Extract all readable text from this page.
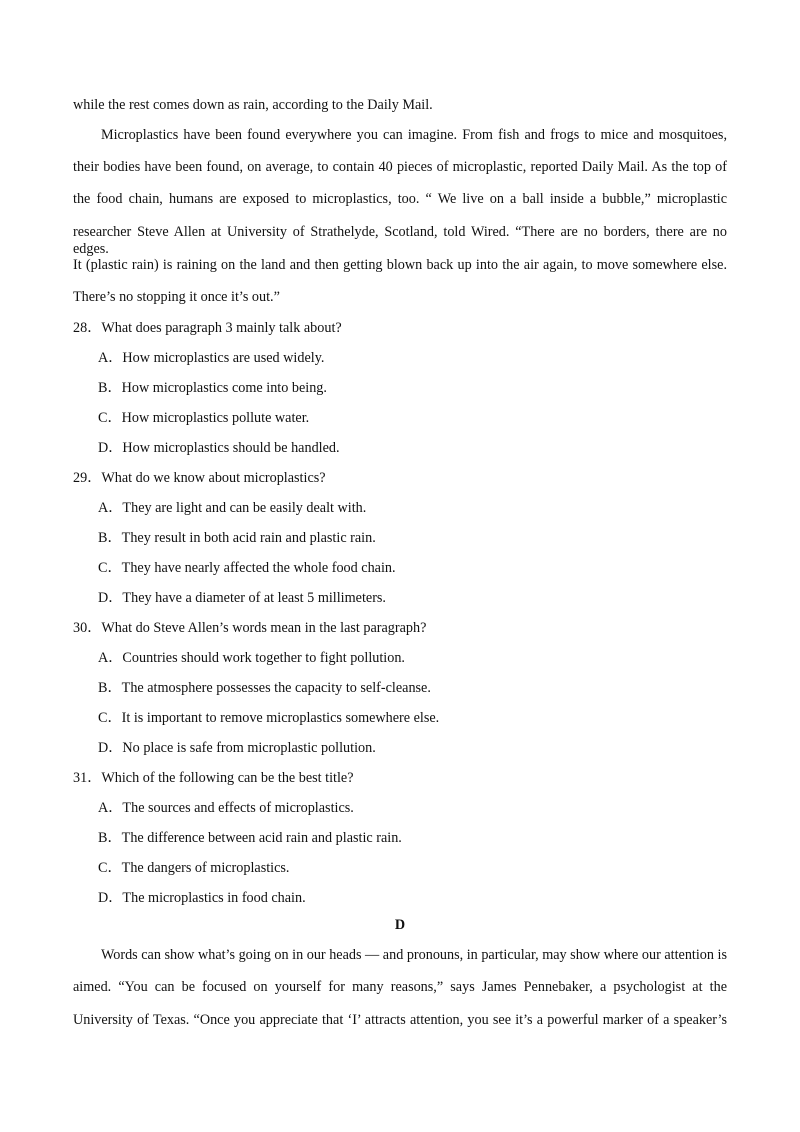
while the rest comes down as rain, according to the Daily Mail.
Microplastics have been found everywhere you can imagine. From fish and frogs to mice and mosquitoes,
their bodies have been found, on average, to contain 40 pieces of microplastic, reported Daily Mail. As the top of
the food chain, humans are exposed to microplastics, too. “ We live on a ball inside a bubble,” microplastic
researcher Steve Allen at University of Strathelyde, Scotland, told Wired. “There are no borders, there are no edges.
It (plastic rain) is raining on the land and then getting blown back up into the air again, to move somewhere else.
There’s no stopping it once it’s out.”
28．What does paragraph 3 mainly talk about?
A．How microplastics are used widely.
B．How microplastics come into being.
C．How microplastics pollute water.
D．How microplastics should be handled.
29．What do we know about microplastics?
A．They are light and can be easily dealt with.
B．They result in both acid rain and plastic rain.
C．They have nearly affected the whole food chain.
D．They have a diameter of at least 5 millimeters.
30．What do Steve Allen’s words mean in the last paragraph?
A．Countries should work together to fight pollution.
B．The atmosphere possesses the capacity to self-cleanse.
C．It is important to remove microplastics somewhere else.
D．No place is safe from microplastic pollution.
31．Which of the following can be the best title?
A．The sources and effects of microplastics.
B．The difference between acid rain and plastic rain.
C．The dangers of microplastics.
D．The microplastics in food chain.
D
Words can show what’s going on in our heads — and pronouns, in particular, may show where our attention is
aimed. “You can be focused on yourself for many reasons,” says James Pennebaker, a psychologist at the
University of Texas. “Once you appreciate that ‘I’ attracts attention, you see it’s a powerful marker of a speaker’s
